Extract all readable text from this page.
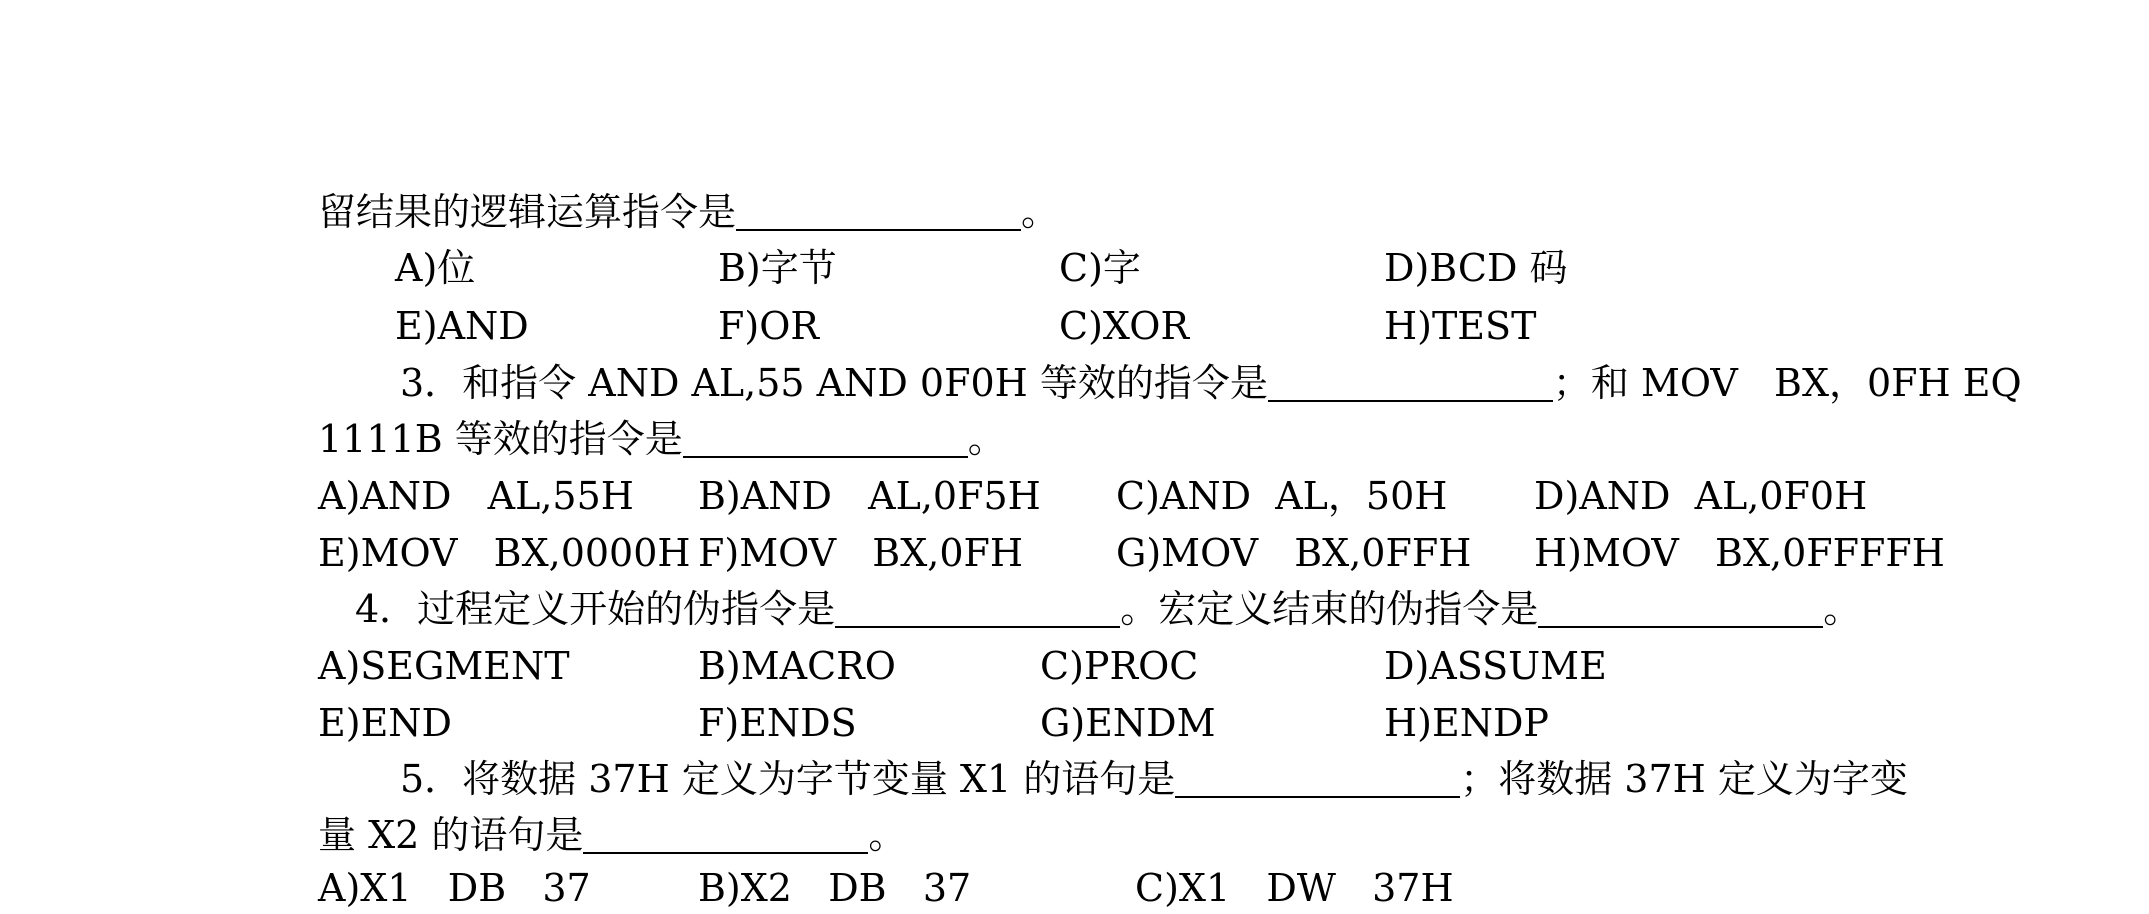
留结果的逻辑运算指令是	。
A)位	B)字节	C)字	D)BCD 码
E)AND	F)OR	C)XOR	H)TEST
3．和指令 AND AL,55 AND 0F0H 等效的指令是	；和 MOV   BX，0FH EQ
1111B 等效的指令是	。
A)AND   AL,55H B)AND   AL,0F5H C)AND  AL，50H D)AND  AL,0F0H
E)MOV   BX,0000H F)MOV   BX,0FH G)MOV   BX,0FFH H)MOV   BX,0FFFFH
4．过程定义开始的伪指令是	。宏定义结束的伪指令是	。
A)SEGMENT	B)MACRO	C)PROC	D)ASSUME
E)END	F)ENDS	G)ENDM	H)ENDP
5．将数据 37H 定义为字节变量 X1 的语句是	；将数据 37H 定义为字变
量 X2 的语句是	。
A)X1   DB   37	B)X2   DB   37	C)X1   DW   37H
